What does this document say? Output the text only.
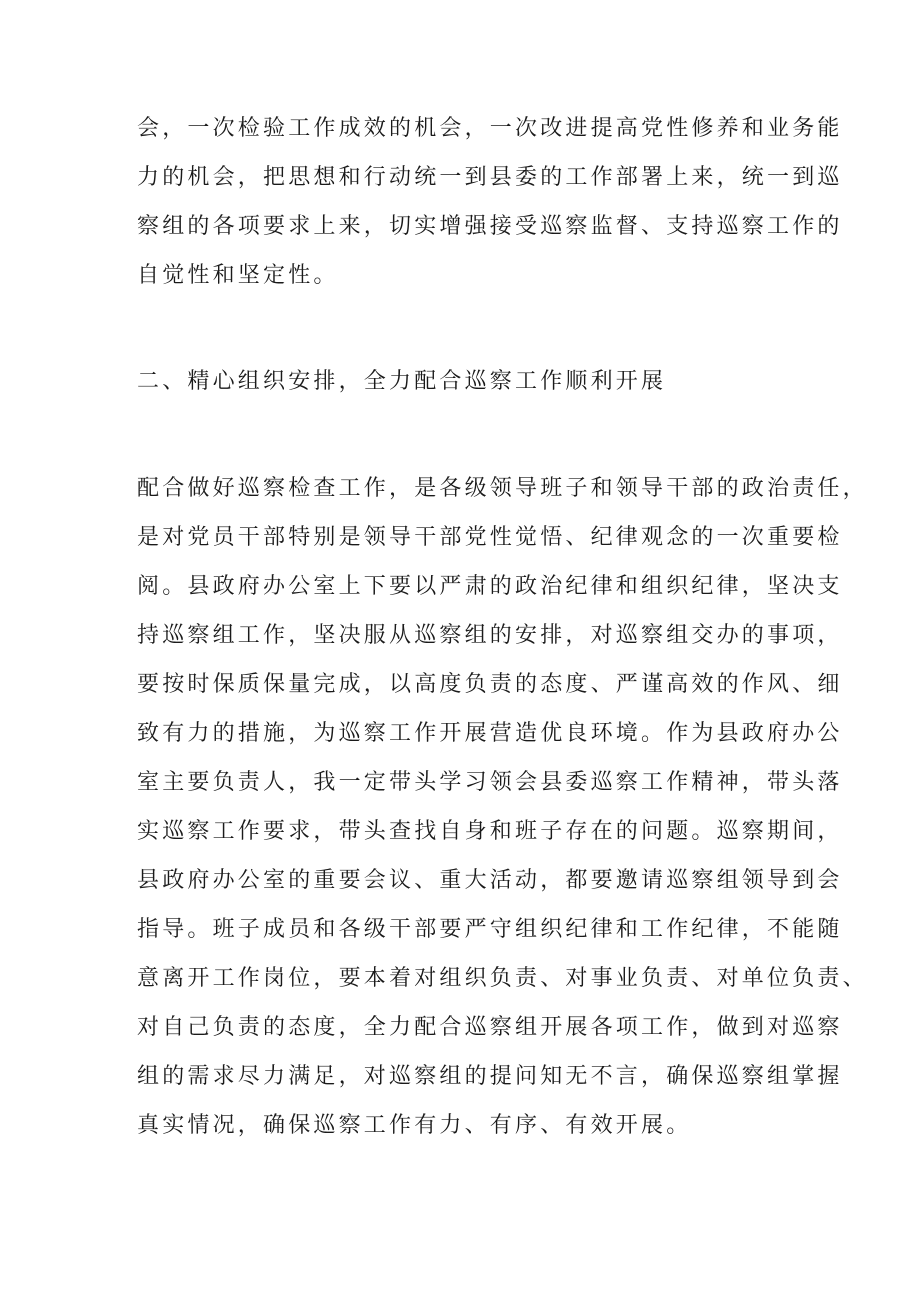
会，一次检验工作成效的机会，一次改进提高党性修养和业务能

力的机会，把思想和行动统一到县委的工作部署上来，统一到巡

察组的各项要求上来，切实增强接受巡察监督、支持巡察工作的

自觉性和坚定性。

二、精心组织安排，全力配合巡察工作顺利开展

配合做好巡察检查工作，是各级领导班子和领导干部的政治责任，

是对党员干部特别是领导干部党性觉悟、纪律观念的一次重要检

阅。县政府办公室上下要以严肃的政治纪律和组织纪律，坚决支

持巡察组工作，坚决服从巡察组的安排，对巡察组交办的事项，

要按时保质保量完成，以高度负责的态度、严谨高效的作风、细

致有力的措施，为巡察工作开展营造优良环境。作为县政府办公

室主要负责人，我一定带头学习领会县委巡察工作精神，带头落

实巡察工作要求，带头查找自身和班子存在的问题。巡察期间，

县政府办公室的重要会议、重大活动，都要邀请巡察组领导到会

指导。班子成员和各级干部要严守组织纪律和工作纪律，不能随

意离开工作岗位，要本着对组织负责、对事业负责、对单位负责、

对自己负责的态度，全力配合巡察组开展各项工作，做到对巡察

组的需求尽力满足，对巡察组的提问知无不言，确保巡察组掌握

真实情况，确保巡察工作有力、有序、有效开展。
